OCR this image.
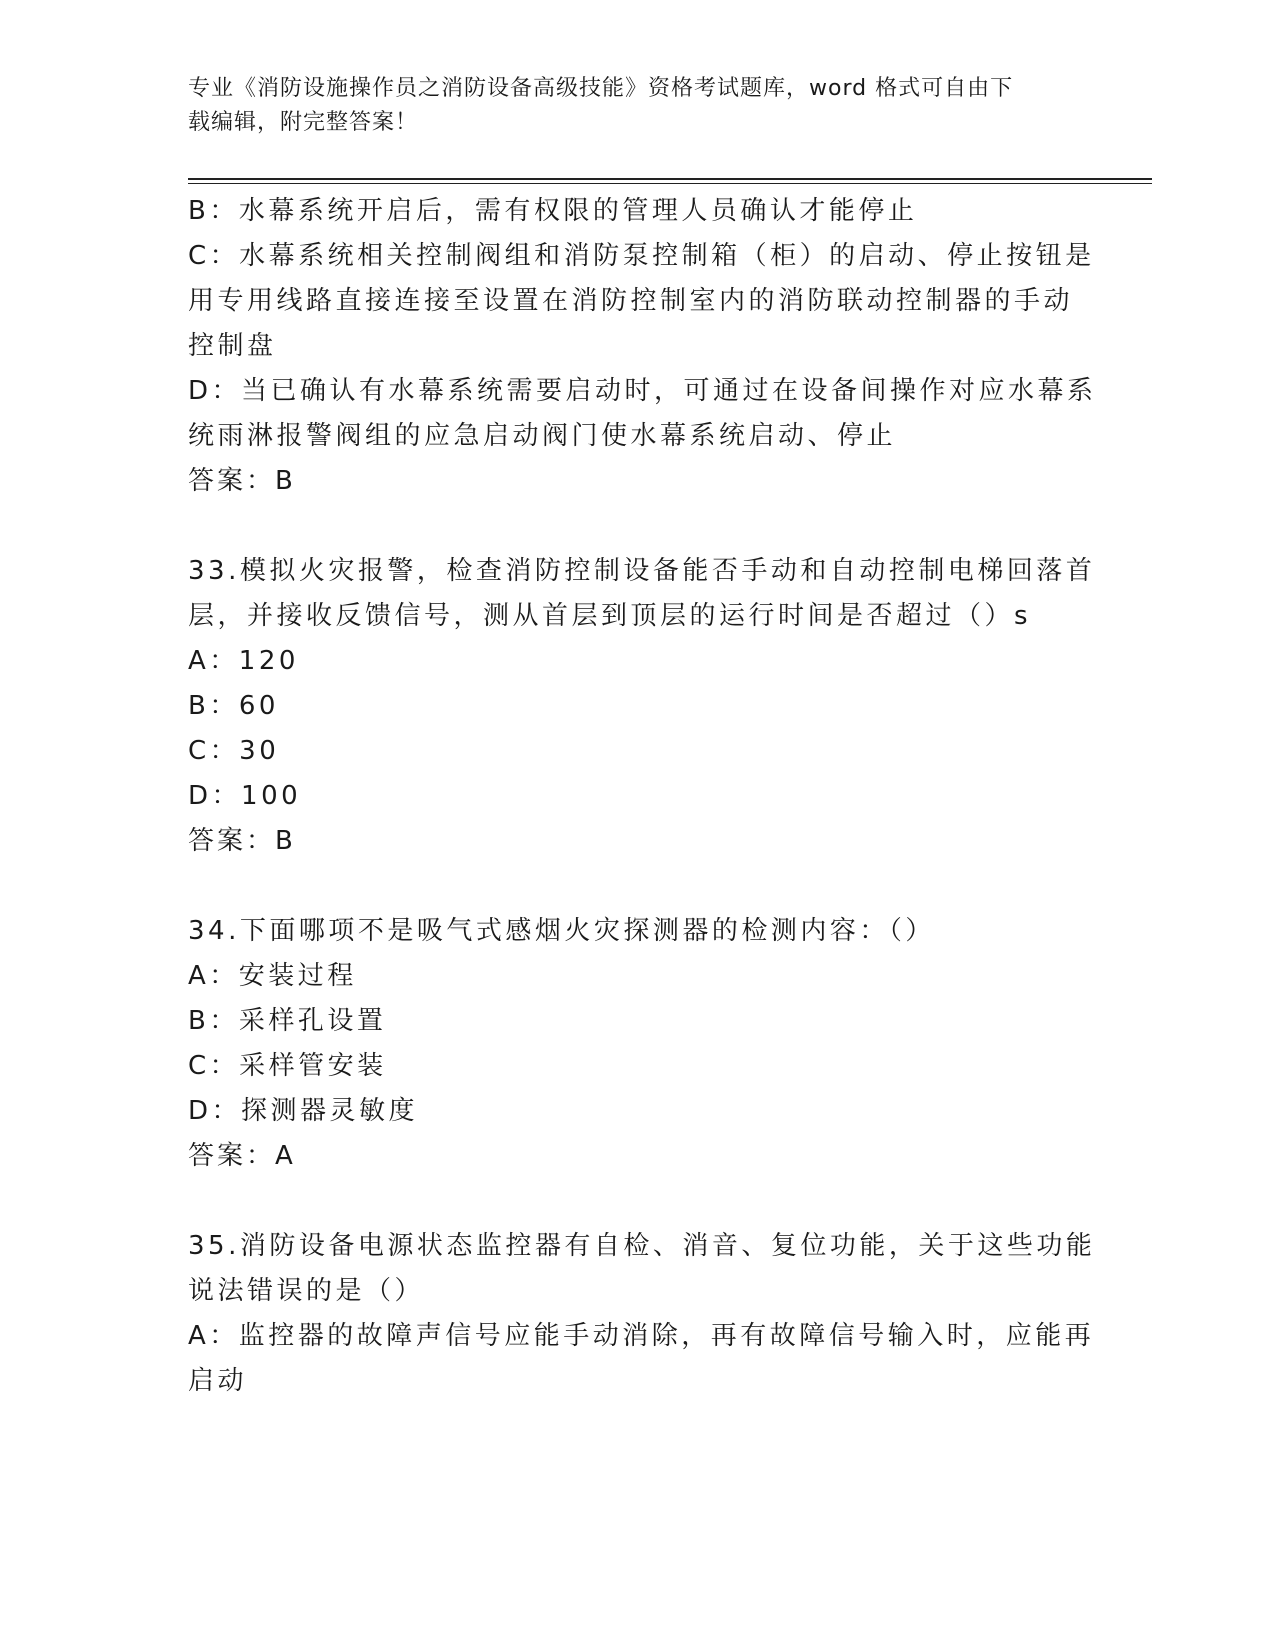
专业《消防设施操作员之消防设备高级技能》资格考试题库，word 格式可自由下
载编辑，附完整答案！
B：水幕系统开启后，需有权限的管理人员确认才能停止
C：水幕系统相关控制阀组和消防泵控制箱（柜）的启动、停止按钮是
用专用线路直接连接至设置在消防控制室内的消防联动控制器的手动
控制盘
D：当已确认有水幕系统需要启动时，可通过在设备间操作对应水幕系
统雨淋报警阀组的应急启动阀门使水幕系统启动、停止
答案：B
33.模拟火灾报警，检查消防控制设备能否手动和自动控制电梯回落首
层，并接收反馈信号，测从首层到顶层的运行时间是否超过（）s
A：120
B：60
C：30
D：100
答案：B
34.下面哪项不是吸气式感烟火灾探测器的检测内容：（）
A：安装过程
B：采样孔设置
C：采样管安装
D：探测器灵敏度
答案：A
35.消防设备电源状态监控器有自检、消音、复位功能，关于这些功能
说法错误的是（）
A：监控器的故障声信号应能手动消除，再有故障信号输入时，应能再
启动
